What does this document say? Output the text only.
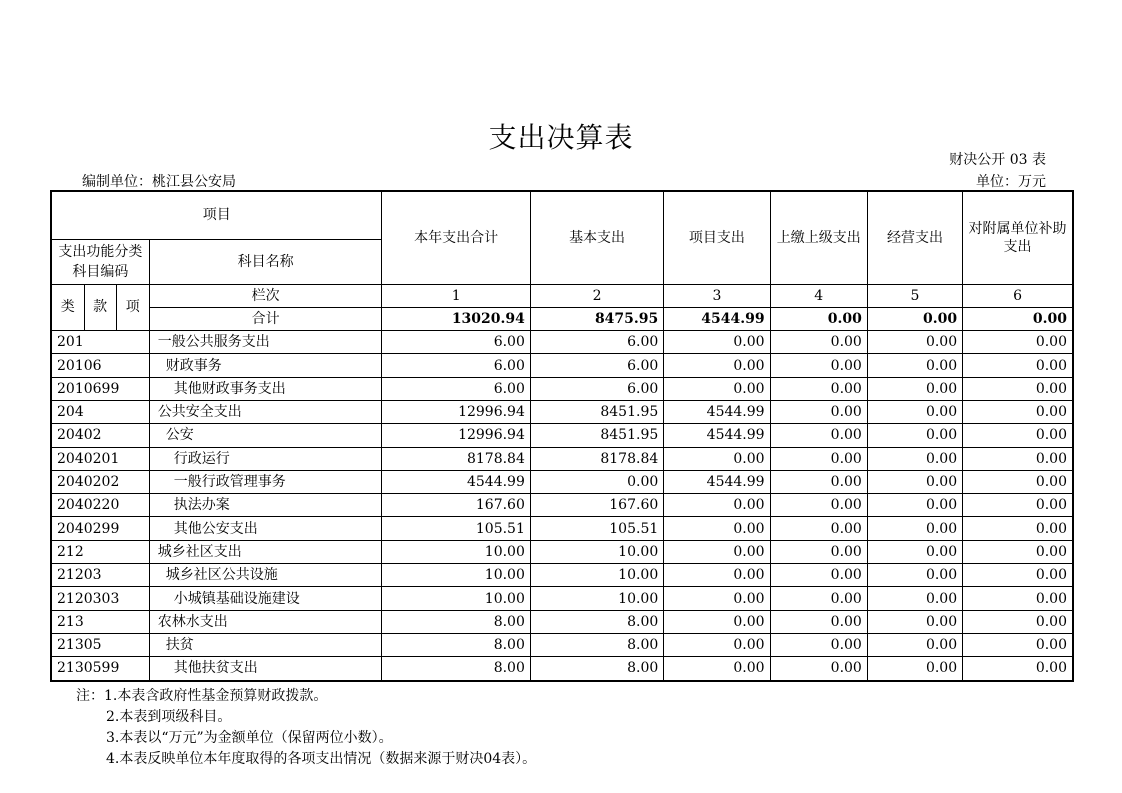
支出决算表
财决公开 03 表
编制单位：桃江县公安局	单位：万元
项目				本年支出合计	基本支出	项目支出	上缴上级支出	经营支出	对附属单位补助支出
支出功能分类科目编码			科目名称						
类	款	项	栏次	1	2	3	4	5	6
			合计	13020.94	8475.95	4544.99	0.00	0.00	0.00
201			一般公共服务支出	6.00	6.00	0.00	0.00	0.00	0.00
20106			财政事务	6.00	6.00	0.00	0.00	0.00	0.00
2010699			其他财政事务支出	6.00	6.00	0.00	0.00	0.00	0.00
204			公共安全支出	12996.94	8451.95	4544.99	0.00	0.00	0.00
20402			公安	12996.94	8451.95	4544.99	0.00	0.00	0.00
2040201			行政运行	8178.84	8178.84	0.00	0.00	0.00	0.00
2040202			一般行政管理事务	4544.99	0.00	4544.99	0.00	0.00	0.00
2040220			执法办案	167.60	167.60	0.00	0.00	0.00	0.00
2040299			其他公安支出	105.51	105.51	0.00	0.00	0.00	0.00
212			城乡社区支出	10.00	10.00	0.00	0.00	0.00	0.00
21203			城乡社区公共设施	10.00	10.00	0.00	0.00	0.00	0.00
2120303			小城镇基础设施建设	10.00	10.00	0.00	0.00	0.00	0.00
213			农林水支出	8.00	8.00	0.00	0.00	0.00	0.00
21305			扶贫	8.00	8.00	0.00	0.00	0.00	0.00
2130599			其他扶贫支出	8.00	8.00	0.00	0.00	0.00	0.00
注：1.本表含政府性基金预算财政拨款。
2.本表到项级科目。
3.本表以“万元”为金额单位（保留两位小数）。
4.本表反映单位本年度取得的各项支出情况（数据来源于财决04表）。
